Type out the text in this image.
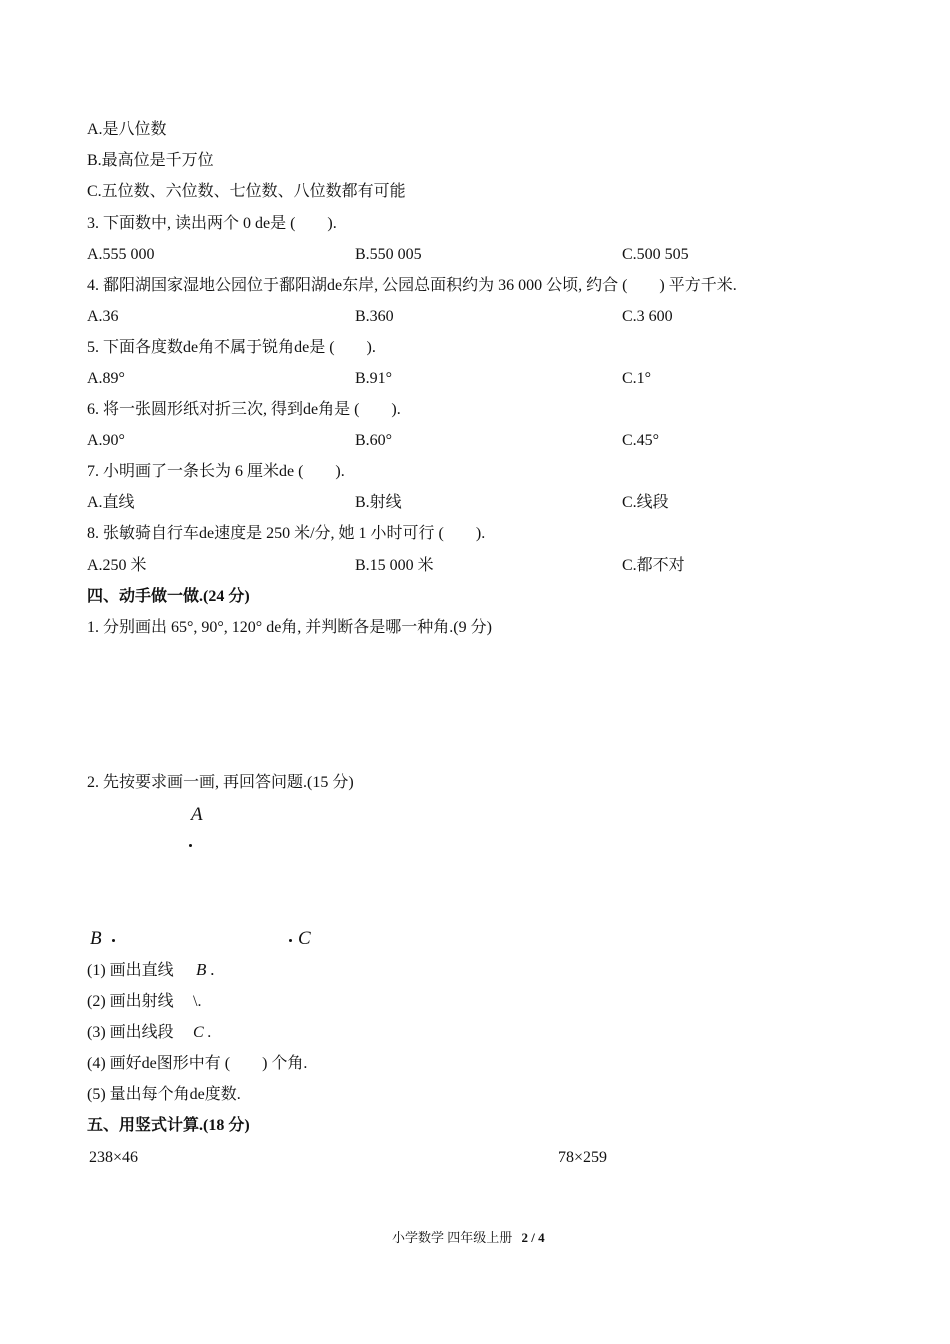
A.是八位数
B.最高位是千万位
C.五位数、六位数、七位数、八位数都有可能
3. 下面数中, 读出两个 0 de是 (　　).
A.555 000	B.550 005	C.500 505
4. 鄱阳湖国家湿地公园位于鄱阳湖de东岸, 公园总面积约为 36 000 公顷, 约合 (　　) 平方千米.
A.36	B.360	C.3 600
5. 下面各度数de角不属于锐角de是 (　　).
A.89°	B.91°	C.1°
6. 将一张圆形纸对折三次, 得到de角是 (　　).
A.90°	B.60°	C.45°
7. 小明画了一条长为 6 厘米de (　　).
A.直线	B.射线	C.线段
8. 张敏骑自行车de速度是 250 米/分, 她 1 小时可行 (　　).
A.250 米	B.15 000 米	C.都不对
四、动手做一做.(24 分)
1. 分别画出 65°, 90°, 120° de角, 并判断各是哪一种角.(9 分)
2. 先按要求画一画, 再回答问题.(15 分)
A
B	C
(1) 画出直线 B .
(2) 画出射线 \.
(3) 画出线段 C .
(4) 画好de图形中有 (　　) 个角.
(5) 量出每个角de度数.
五、用竖式计算.(18 分)
238×46	78×259
小学数学 四年级上册 2 / 4
